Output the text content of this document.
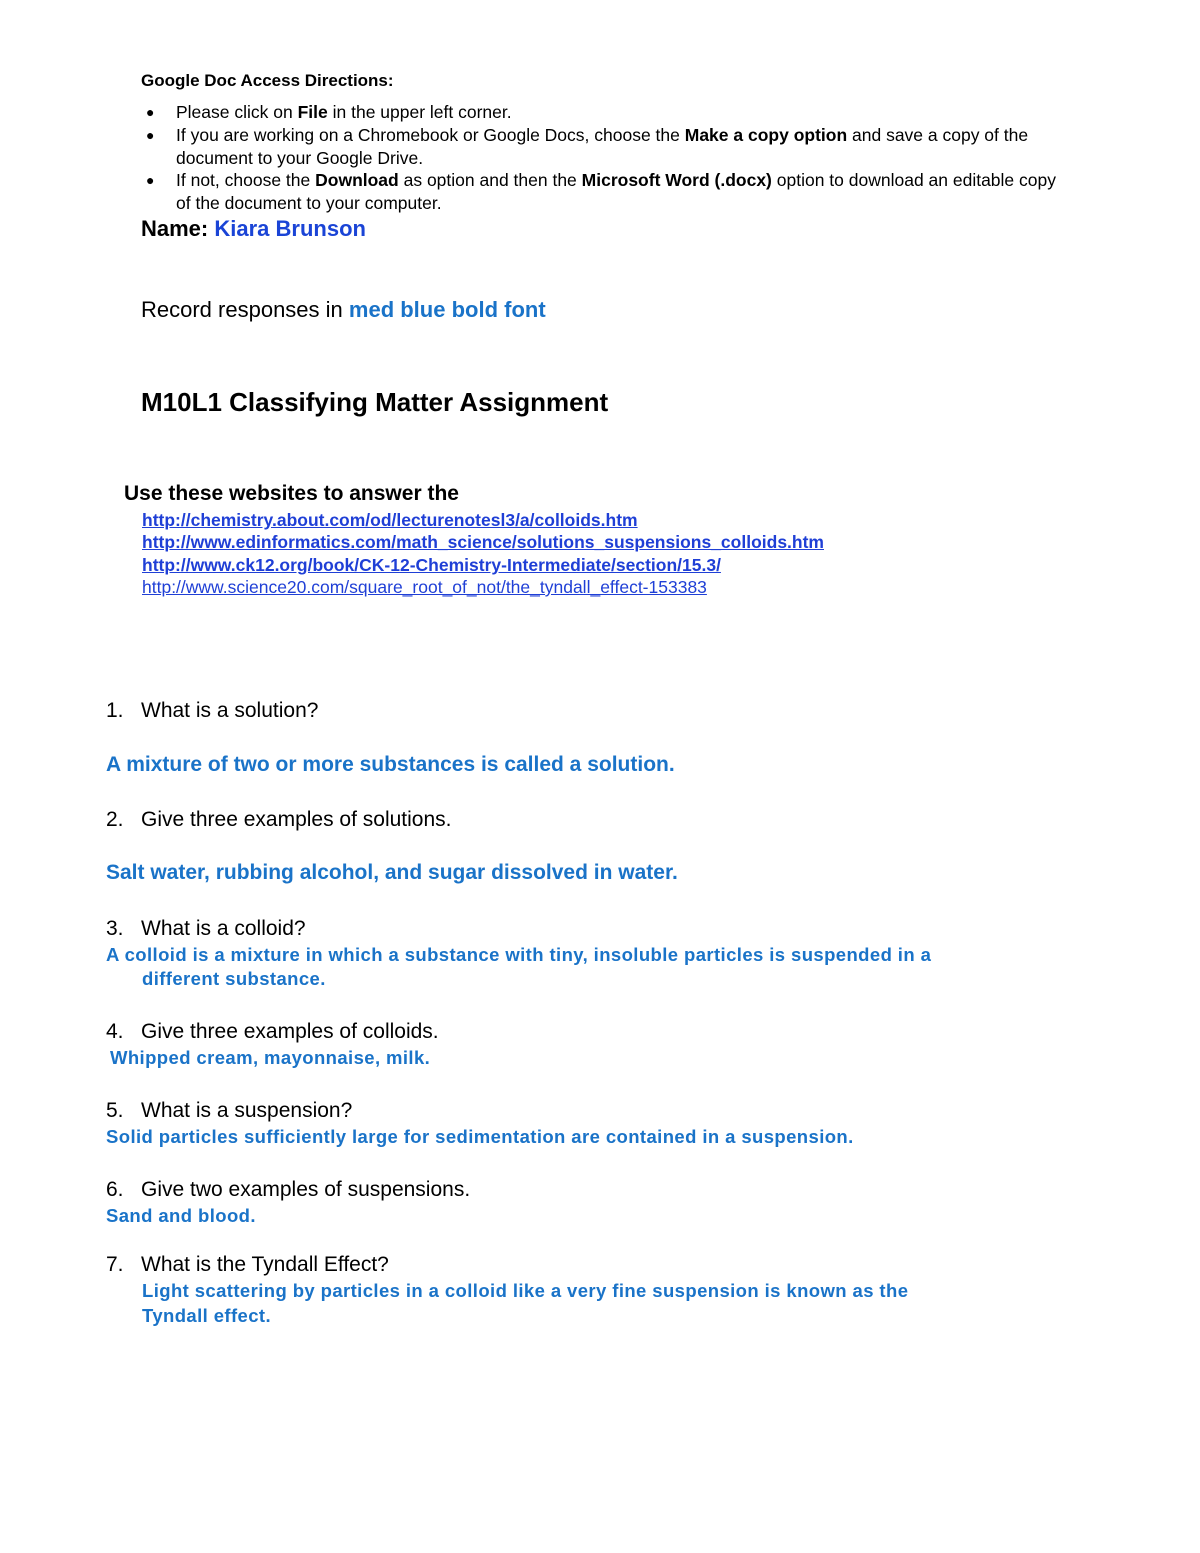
Google Doc Access Directions:
● Please click on File in the upper left corner.
● If you are working on a Chromebook or Google Docs, choose the Make a copy option and save a copy of the document to your Google Drive.
● If not, choose the Download as option and then the Microsoft Word (.docx) option to download an editable copy of the document to your computer.
Name: Kiara Brunson
Record responses in med blue bold font
M10L1 Classifying Matter Assignment
Use these websites to answer the
http://chemistry.about.com/od/lecturenotesl3/a/colloids.htm
http://www.edinformatics.com/math_science/solutions_suspensions_colloids.htm
http://www.ck12.org/book/CK-12-Chemistry-Intermediate/section/15.3/
http://www.science20.com/square_root_of_not/the_tyndall_effect-153383
1. What is a solution?
A mixture of two or more substances is called a solution.
2. Give three examples of solutions.
Salt water, rubbing alcohol, and sugar dissolved in water.
3. What is a colloid?
A colloid is a mixture in which a substance with tiny, insoluble particles is suspended in a
different substance.
4. Give three examples of colloids.
Whipped cream, mayonnaise, milk.
5. What is a suspension?
Solid particles sufficiently large for sedimentation are contained in a suspension.
6. Give two examples of suspensions.
Sand and blood.
7. What is the Tyndall Effect?
Light scattering by particles in a colloid like a very fine suspension is known as the
Tyndall effect.
